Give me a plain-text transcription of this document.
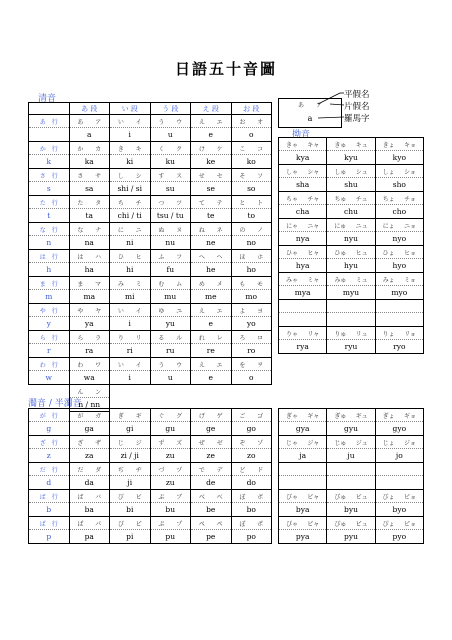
日語五十音圖
あ ア
a
平假名
片假名
羅馬字
清音
拗音
濁音 / 半濁音
	あ 段	い 段	う 段	え 段	お 段
あ　行	あ ア	い イ	う ウ	え エ	お オ
	a	i	u	e	o
か　行	か カ	き キ	く ク	け ケ	こ コ
k	ka	ki	ku	ke	ko
さ　行	さ サ	し シ	す ス	せ セ	そ ソ
s	sa	shi / si	su	se	so
た　行	た タ	ち チ	つ ツ	て テ	と ト
t	ta	chi / ti	tsu / tu	te	to
な　行	な ナ	に ニ	ぬ ヌ	ね ネ	の ノ
n	na	ni	nu	ne	no
は　行	は ハ	ひ ヒ	ふ フ	へ ヘ	ほ ホ
h	ha	hi	fu	he	ho
ま　行	ま マ	み ミ	む ム	め メ	も モ
m	ma	mi	mu	me	mo
や　行	や ヤ	い イ	ゆ ユ	え エ	よ ヨ
y	ya	i	yu	e	yo
ら　行	ら ラ	り リ	る ル	れ レ	ろ ロ
r	ra	ri	ru	re	ro
わ　行	わ ワ	い イ	う ウ	え エ	を ヲ
w	wa	i	u	e	o
	ん ン				
	n / nn				
きゃ キャ	きゅ キュ	きょ キョ
kya	kyu	kyo
しゃ シャ	しゅ シュ	しょ ショ
sha	shu	sho
ちゃ チャ	ちゅ チュ	ちょ チョ
cha	chu	cho
にゃ ニャ	にゅ ニュ	にょ ニョ
nya	nyu	nyo
ひゃ ヒャ	ひゅ ヒュ	ひょ ヒョ
hya	hyu	hyo
みゃ ミャ	みゅ ミュ	みょ ミョ
mya	myu	myo

りゃ リャ	りゅ リュ	りょ リョ
rya	ryu	ryo
が　行	が ガ	ぎ ギ	ぐ グ	げ ゲ	ご ゴ
g	ga	gi	gu	ge	go
ざ　行	ざ ザ	じ ジ	ず ズ	ぜ ゼ	ぞ ゾ
z	za	zi / ji	zu	ze	zo
だ　行	だ ダ	ぢ ヂ	づ ヅ	で デ	ど ド
d	da	ji	zu	de	do
ば　行	ば バ	び ビ	ぶ ブ	べ ベ	ぼ ボ
b	ba	bi	bu	be	bo
ぱ　行	ぱ パ	ぴ ピ	ぷ プ	ぺ ペ	ぽ ポ
p	pa	pi	pu	pe	po
ぎゃ ギャ	ぎゅ ギュ	ぎょ ギョ
gya	gyu	gyo
じゃ ジャ	じゅ ジュ	じょ ジョ
ja	ju	jo

びゃ ビャ	びゅ ビュ	びょ ビョ
bya	byu	byo
ぴゃ ピャ	ぴゅ ピュ	ぴょ ピョ
pya	pyu	pyo
